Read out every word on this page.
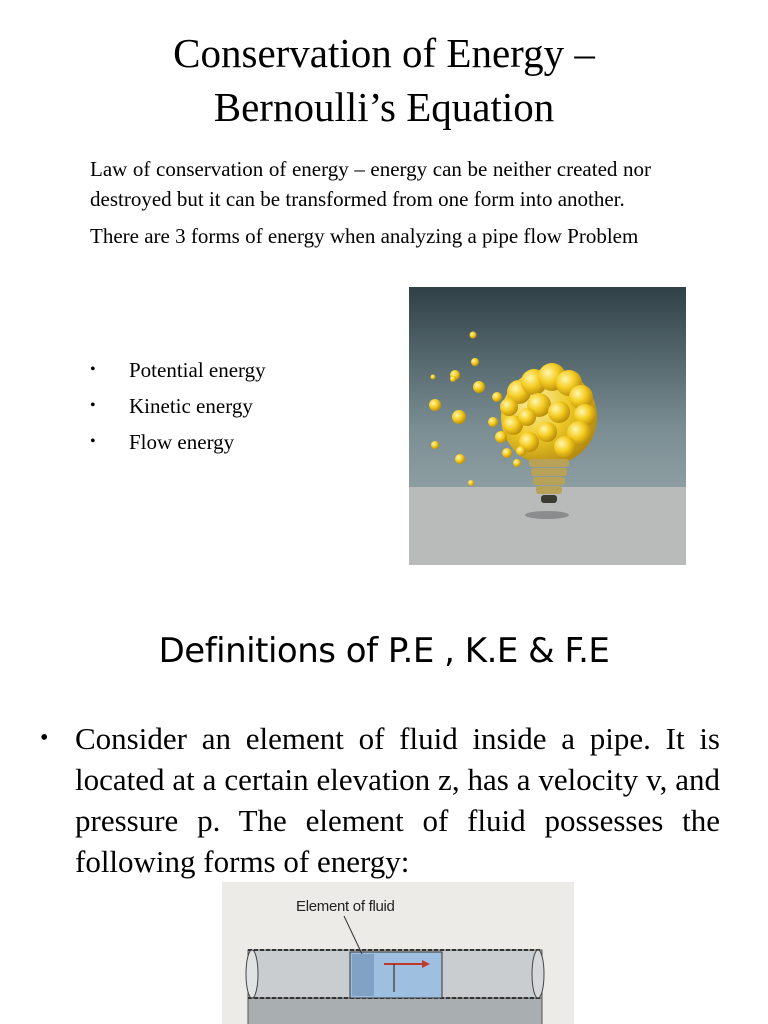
Conservation of Energy –
Bernoulli’s Equation

Law of conservation of energy – energy can be neither created nor destroyed but it can be transformed from one form into another.

There are 3 forms of energy when analyzing a pipe flow Problem

•	Potential energy
•	Kinetic energy
•	Flow energy
Definitions of P.E , K.E & F.E
• Consider an element of fluid inside a pipe. It is located at a certain elevation z, has a velocity v, and pressure p. The element of fluid possesses the following forms of energy:
Element of fluid
